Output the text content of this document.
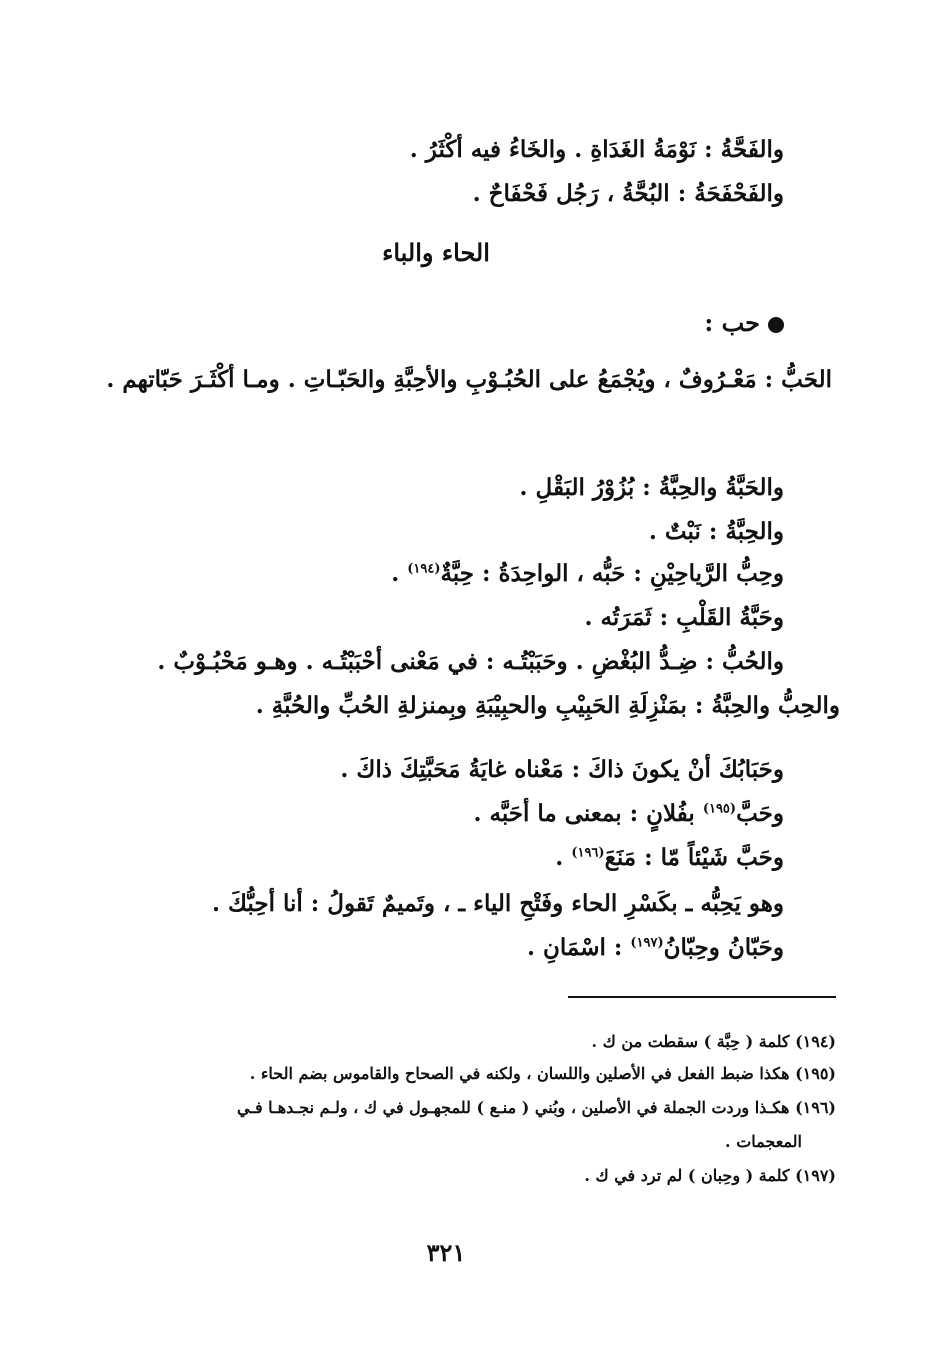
والفَحَّةُ : نَوْمَةُ الغَدَاةِ . والخَاءُ فيه أكْثَرُ .
والفَحْفَحَةُ : البُحَّةُ ، رَجُل فَحْفَاحٌ .
الحاء والباء
حب :
الحَبُّ : مَعْـرُوفٌ ، ويُجْمَعُ على الحُبُـوْبِ والأحِبَّةِ والحَبّـاتِ . ومـا أكْثَـرَ حَبّاتهم .
والحَبَّةُ والحِبَّةُ : بُزُوْرُ البَقْلِ .
والحِبَّةُ : نَبْتٌ .
وحِبُّ الرَّياحِيْنِ : حَبُّه ، الواحِدَةُ : حِبَّةٌ$^{(١٩٤)}$ .
وحَبَّةُ القَلْبِ : ثَمَرَتُه .
والحُبُّ : ضِـدُّ البُغْضِ . وحَبَبْتُـه : في مَعْنى أحْبَبْتُـه . وهـو مَحْبُـوْبٌ .
والحِبُّ والحِبَّةُ : بمَنْزِلَةِ الحَبِيْبِ والحبِيْبَةِ وبِمنزلةِ الحُبِّ والحُبَّةِ .
وحَبَابُكَ أنْ يكونَ ذاكَ : مَعْناه غايَةُ مَحَبَّتِكَ ذاكَ .
وحَبَّ$^{(١٩٥)}$ بفُلانٍ : بمعنى ما أحَبَّه .
وحَبَّ شَيْئاً مّا : مَنَعَ$^{(١٩٦)}$ .
وهو يَحِبُّه ـ بكَسْرِ الحاء وفَتْحِ الياء ـ ، وتَميمٌ تَقولُ : أنا أحِبُّكَ .
وحَبّانُ وحِبّانُ$^{(١٩٧)}$ : اسْمَانِ .
(١٩٤) كلمة ( حِبَّة ) سقطت من ك .
(١٩٥) هكذا ضبط الفعل في الأصلين واللسان ، ولكنه في الصحاح والقاموس بضم الحاء .
(١٩٦) هكـذا وردت الجملة في الأصلين ، وبُني ( منـع ) للمجهـول في ك ، ولـم نجـدهـا فـي
المعجمات .
(١٩٧) كلمة ( وحِبان ) لم ترد في ك .
٣٢١
